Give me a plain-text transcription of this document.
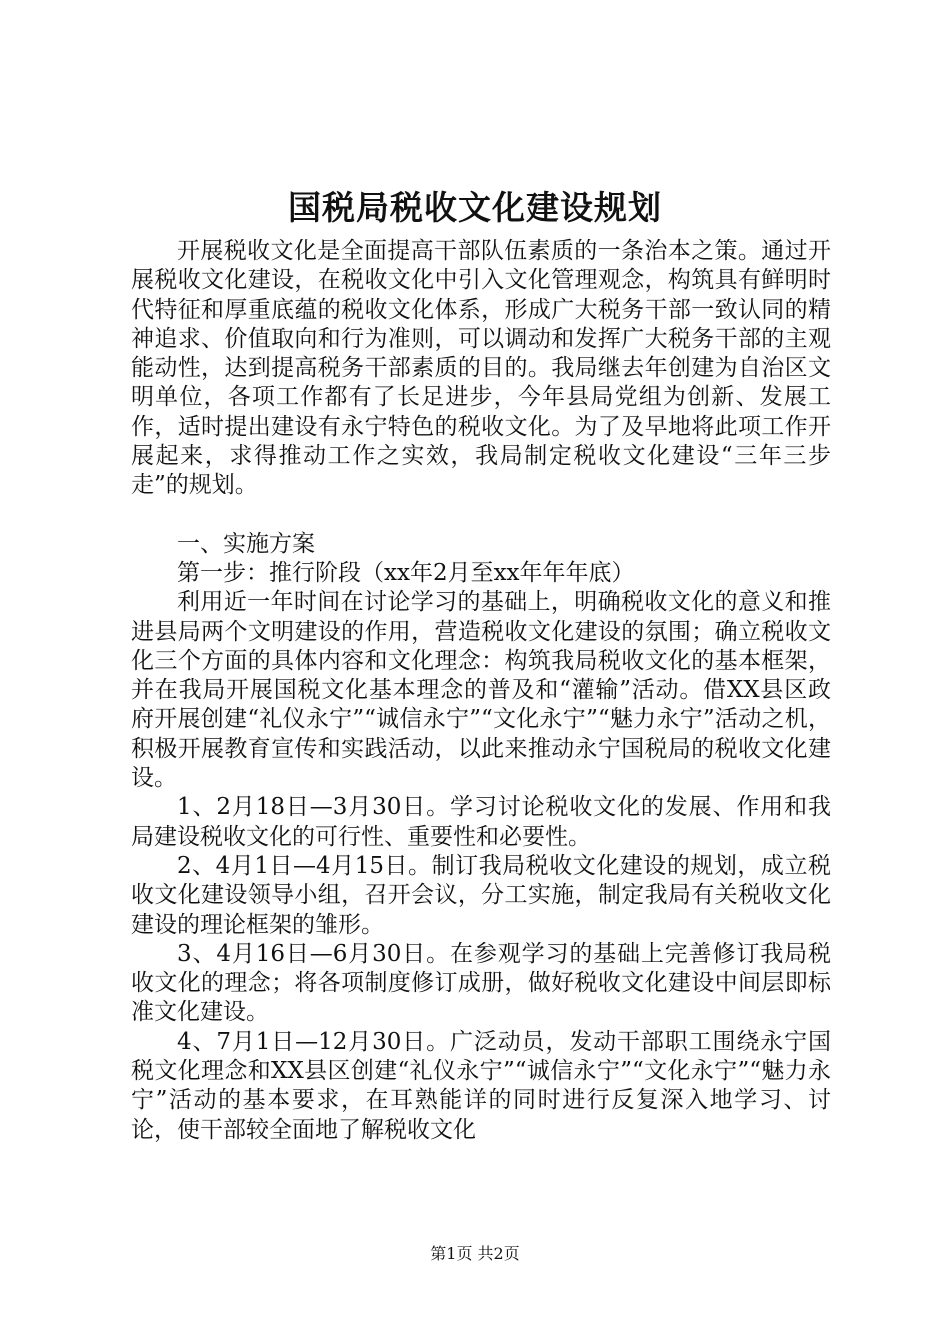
国税局税收文化建设规划

开展税收文化是全面提高干部队伍素质的一条治本之策。通过开展税收文化建设，在税收文化中引入文化管理观念，构筑具有鲜明时代特征和厚重底蕴的税收文化体系，形成广大税务干部一致认同的精神追求、价值取向和行为准则，可以调动和发挥广大税务干部的主观能动性，达到提高税务干部素质的目的。我局继去年创建为自治区文明单位，各项工作都有了长足进步，今年县局党组为创新、发展工作，适时提出建设有永宁特色的税收文化。为了及早地将此项工作开展起来，求得推动工作之实效，我局制定税收文化建设“三年三步走”的规划。

一、实施方案

第一步：推行阶段（xx年2月至xx年年年底）

利用近一年时间在讨论学习的基础上，明确税收文化的意义和推进县局两个文明建设的作用，营造税收文化建设的氛围；确立税收文化三个方面的具体内容和文化理念：构筑我局税收文化的基本框架，并在我局开展国税文化基本理念的普及和“灌输”活动。借XX县区政府开展创建“礼仪永宁”“诚信永宁”“文化永宁”“魅力永宁”活动之机，积极开展教育宣传和实践活动，以此来推动永宁国税局的税收文化建设。

1、2月18日—3月30日。学习讨论税收文化的发展、作用和我局建设税收文化的可行性、重要性和必要性。

2、4月1日—4月15日。制订我局税收文化建设的规划，成立税收文化建设领导小组，召开会议，分工实施，制定我局有关税收文化建设的理论框架的雏形。

3、4月16日—6月30日。在参观学习的基础上完善修订我局税收文化的理念；将各项制度修订成册，做好税收文化建设中间层即标准文化建设。

4、7月1日—12月30日。广泛动员，发动干部职工围绕永宁国税文化理念和XX县区创建“礼仪永宁”“诚信永宁”“文化永宁”“魅力永宁”活动的基本要求，在耳熟能详的同时进行反复深入地学习、讨论，使干部较全面地了解税收文化

第1页 共2页
